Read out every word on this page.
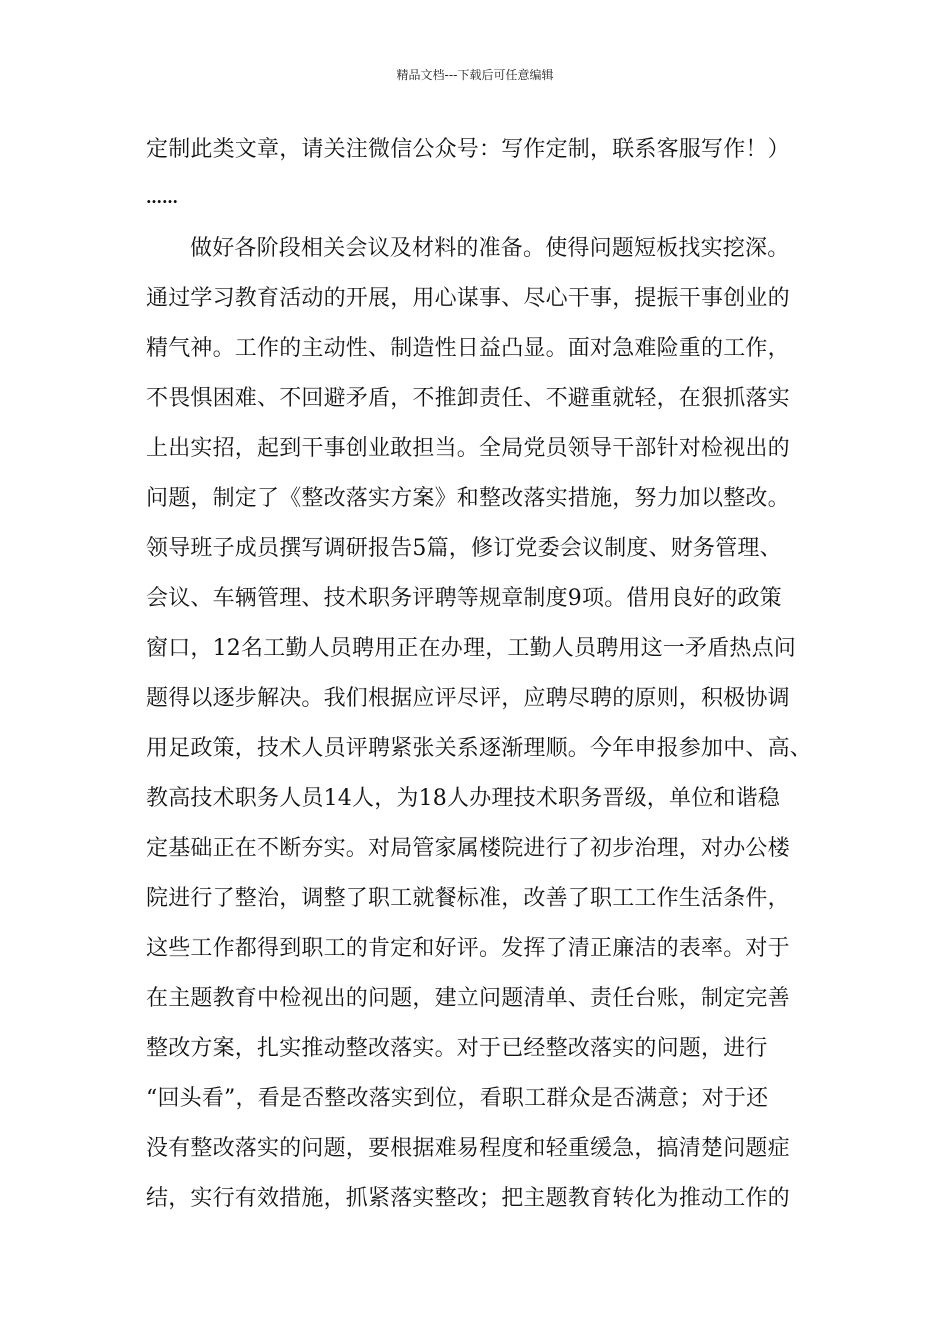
精品文档---下载后可任意编辑
定制此类文章，请关注微信公众号：写作定制，联系客服写作！）
……
做好各阶段相关会议及材料的准备。使得问题短板找实挖深。
通过学习教育活动的开展，用心谋事、尽心干事，提振干事创业的
精气神。工作的主动性、制造性日益凸显。面对急难险重的工作，
不畏惧困难、不回避矛盾，不推卸责任、不避重就轻，在狠抓落实
上出实招，起到干事创业敢担当。全局党员领导干部针对检视出的
问题，制定了《整改落实方案》和整改落实措施，努力加以整改。
领导班子成员撰写调研报告5篇，修订党委会议制度、财务管理、
会议、车辆管理、技术职务评聘等规章制度9项。借用良好的政策
窗口，12名工勤人员聘用正在办理，工勤人员聘用这一矛盾热点问
题得以逐步解决。我们根据应评尽评，应聘尽聘的原则，积极协调
用足政策，技术人员评聘紧张关系逐渐理顺。今年申报参加中、高、
教高技术职务人员14人，为18人办理技术职务晋级，单位和谐稳
定基础正在不断夯实。对局管家属楼院进行了初步治理，对办公楼
院进行了整治，调整了职工就餐标准，改善了职工工作生活条件，
这些工作都得到职工的肯定和好评。发挥了清正廉洁的表率。对于
在主题教育中检视出的问题，建立问题清单、责任台账，制定完善
整改方案，扎实推动整改落实。对于已经整改落实的问题，进行
“回头看”，看是否整改落实到位，看职工群众是否满意；对于还
没有整改落实的问题，要根据难易程度和轻重缓急，搞清楚问题症
结，实行有效措施，抓紧落实整改；把主题教育转化为推动工作的
